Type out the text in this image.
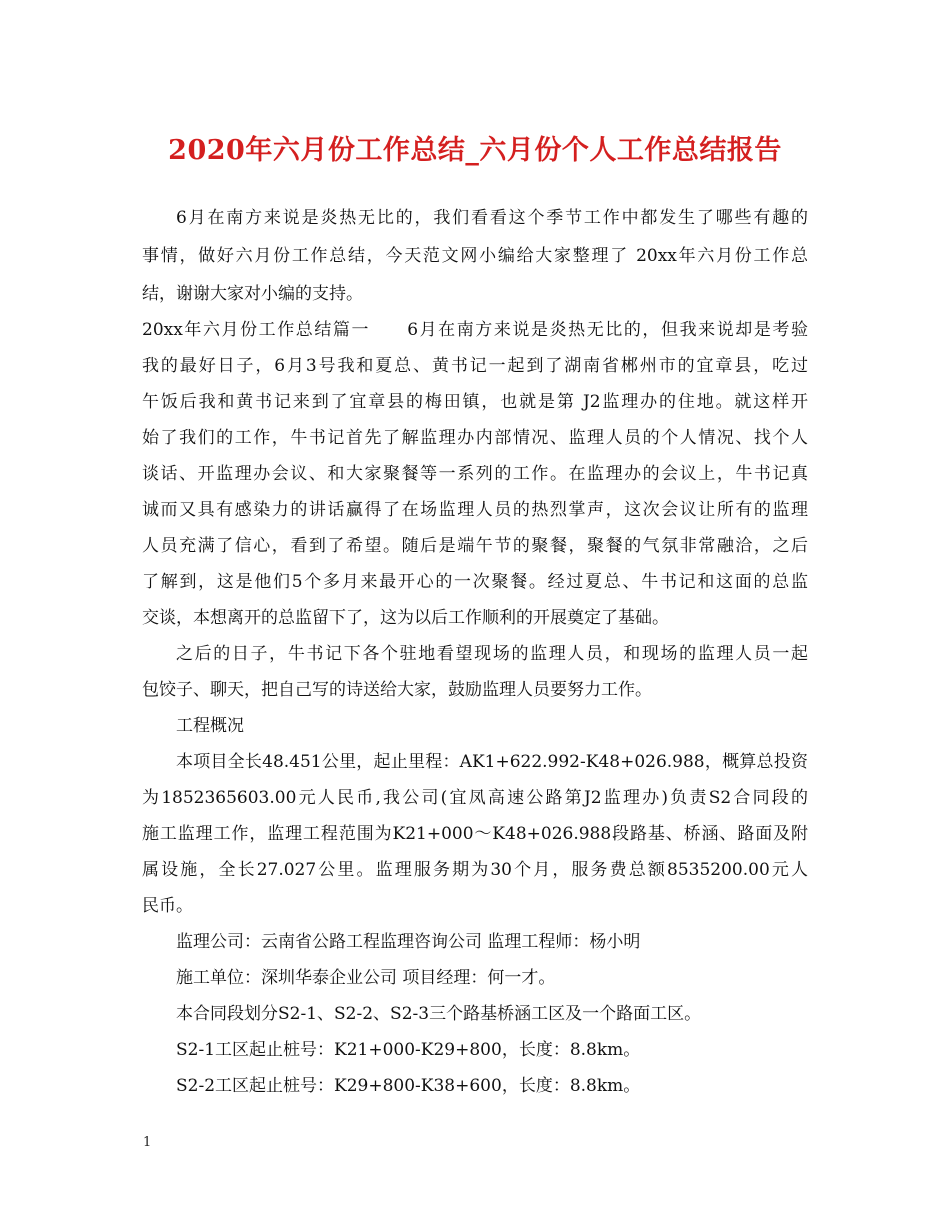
2020年六月份工作总结_六月份个人工作总结报告
6月在南方来说是炎热无比的，我们看看这个季节工作中都发生了哪些有趣的
事情，做好六月份工作总结，今天范文网小编给大家整理了 20xx年六月份工作总
结，谢谢大家对小编的支持。
20xx年六月份工作总结篇一　　6月在南方来说是炎热无比的，但我来说却是考验
我的最好日子，6月3号我和夏总、黄书记一起到了湖南省郴州市的宜章县，吃过
午饭后我和黄书记来到了宜章县的梅田镇，也就是第 J2监理办的住地。就这样开
始了我们的工作，牛书记首先了解监理办内部情况、监理人员的个人情况、找个人
谈话、开监理办会议、和大家聚餐等一系列的工作。在监理办的会议上，牛书记真
诚而又具有感染力的讲话赢得了在场监理人员的热烈掌声，这次会议让所有的监理
人员充满了信心，看到了希望。随后是端午节的聚餐，聚餐的气氛非常融洽，之后
了解到，这是他们5个多月来最开心的一次聚餐。经过夏总、牛书记和这面的总监
交谈，本想离开的总监留下了，这为以后工作顺利的开展奠定了基础。
之后的日子，牛书记下各个驻地看望现场的监理人员，和现场的监理人员一起
包饺子、聊天，把自己写的诗送给大家，鼓励监理人员要努力工作。
工程概况
本项目全长48.451公里，起止里程：AK1+622.992-K48+026.988，概算总投资
为1852365603.00元人民币,我公司(宜凤高速公路第J2监理办)负责S2合同段的
施工监理工作，监理工程范围为K21+000～K48+026.988段路基、桥涵、路面及附
属设施，全长27.027公里。监理服务期为30个月，服务费总额8535200.00元人
民币。
监理公司：云南省公路工程监理咨询公司 监理工程师：杨小明
施工单位：深圳华泰企业公司 项目经理：何一才。
本合同段划分S2-1、S2-2、S2-3三个路基桥涵工区及一个路面工区。
S2-1工区起止桩号：K21+000-K29+800，长度：8.8km。
S2-2工区起止桩号：K29+800-K38+600，长度：8.8km。
1
